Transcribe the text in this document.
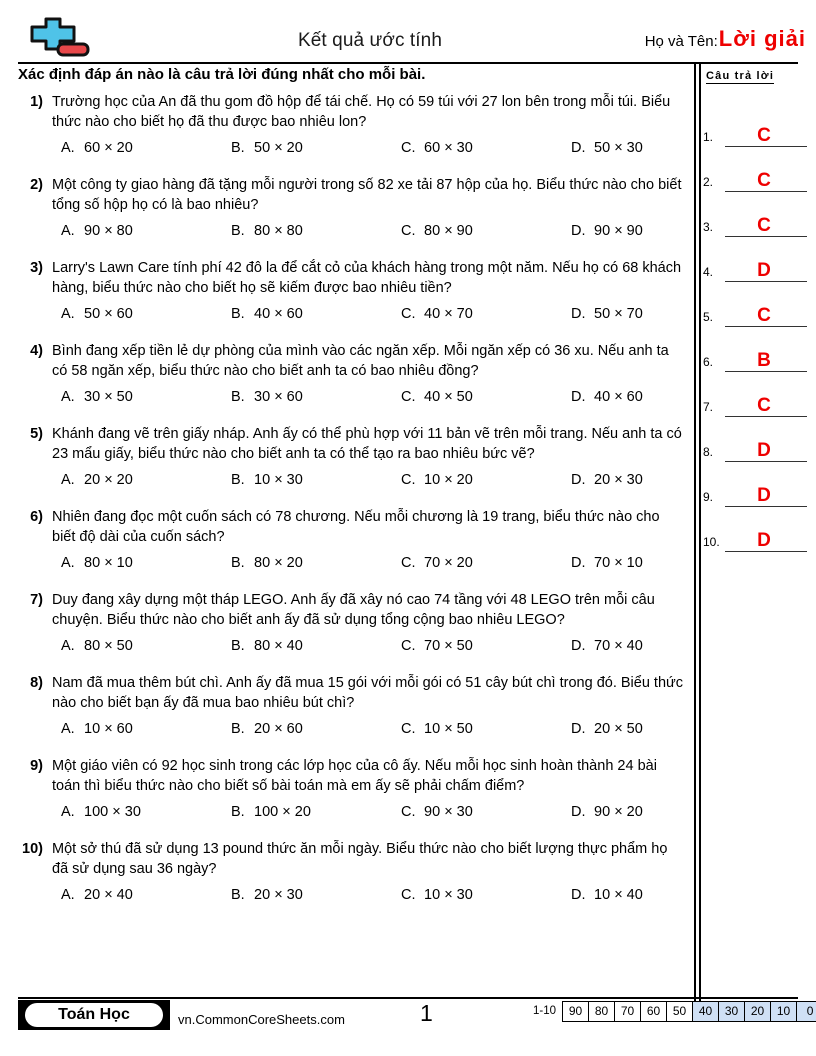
Kết quả ước tính	Họ và Tên: Lời giải
Xác định đáp án nào là câu trả lời đúng nhất cho mỗi bài.	Câu trả lời
1.	C
2.	C
3.	C
4.	D
5.	C
6.	B
7.	C
8.	D
9.	D
10.	D
1) Trường học của An đã thu gom đồ hộp để tái chế. Họ có 59 túi với 27 lon bên trong mỗi túi. Biểu thức nào cho biết họ đã thu được bao nhiêu lon?
A. 60 × 20	B. 50 × 20	C. 60 × 30	D. 50 × 30
2) Một công ty giao hàng đã tặng mỗi người trong số 82 xe tải 87 hộp của họ. Biểu thức nào cho biết tổng số hộp họ có là bao nhiêu?
A. 90 × 80	B. 80 × 80	C. 80 × 90	D. 90 × 90
3) Larry's Lawn Care tính phí 42 đô la để cắt cỏ của khách hàng trong một năm. Nếu họ có 68 khách hàng, biểu thức nào cho biết họ sẽ kiếm được bao nhiêu tiền?
A. 50 × 60	B. 40 × 60	C. 40 × 70	D. 50 × 70
4) Bình đang xếp tiền lẻ dự phòng của mình vào các ngăn xếp. Mỗi ngăn xếp có 36 xu. Nếu anh ta có 58 ngăn xếp, biểu thức nào cho biết anh ta có bao nhiêu đồng?
A. 30 × 50	B. 30 × 60	C. 40 × 50	D. 40 × 60
5) Khánh đang vẽ trên giấy nháp. Anh ấy có thể phù hợp với 11 bản vẽ trên mỗi trang. Nếu anh ta có 23 mẩu giấy, biểu thức nào cho biết anh ta có thể tạo ra bao nhiêu bức vẽ?
A. 20 × 20	B. 10 × 30	C. 10 × 20	D. 20 × 30
6) Nhiên đang đọc một cuốn sách có 78 chương. Nếu mỗi chương là 19 trang, biểu thức nào cho biết độ dài của cuốn sách?
A. 80 × 10	B. 80 × 20	C. 70 × 20	D. 70 × 10
7) Duy đang xây dựng một tháp LEGO. Anh ấy đã xây nó cao 74 tầng với 48 LEGO trên mỗi câu chuyện. Biểu thức nào cho biết anh ấy đã sử dụng tổng cộng bao nhiêu LEGO?
A. 80 × 50	B. 80 × 40	C. 70 × 50	D. 70 × 40
8) Nam đã mua thêm bút chì. Anh ấy đã mua 15 gói với mỗi gói có 51 cây bút chì trong đó. Biểu thức nào cho biết bạn ấy đã mua bao nhiêu bút chì?
A. 10 × 60	B. 20 × 60	C. 10 × 50	D. 20 × 50
9) Một giáo viên có 92 học sinh trong các lớp học của cô ấy. Nếu mỗi học sinh hoàn thành 24 bài toán thì biểu thức nào cho biết số bài toán mà em ấy sẽ phải chấm điểm?
A. 100 × 30	B. 100 × 20	C. 90 × 30	D. 90 × 20
10) Một sở thú đã sử dụng 13 pound thức ăn mỗi ngày. Biểu thức nào cho biết lượng thực phẩm họ đã sử dụng sau 36 ngày?
A. 20 × 40	B. 20 × 30	C. 10 × 30	D. 10 × 40
Toán Học	vn.CommonCoreSheets.com	1	1-10	90	80	70	60	50	40	30	20	10	0
